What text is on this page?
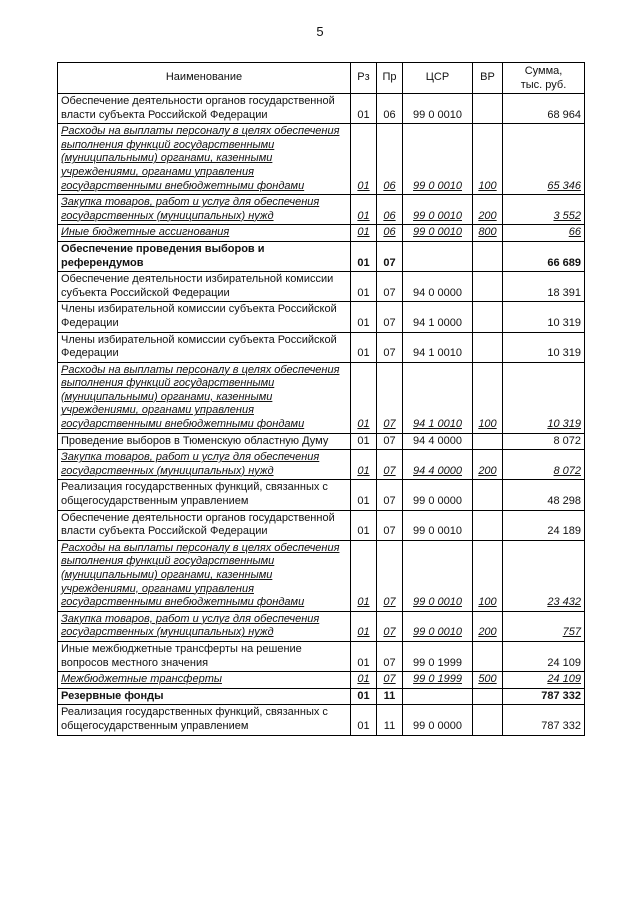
5
Наименование	Рз	Пр	ЦСР	ВР	Сумма,
тыс. руб.
Обеспечение деятельности органов государственной власти субъекта Российской Федерации	01	06	99 0 0010		68 964
Расходы на выплаты персоналу в целях обеспечения выполнения функций государственными (муниципальными) органами, казенными учреждениями, органами управления государственными внебюджетными фондами	01	06	99 0 0010	100	65 346
Закупка товаров, работ и услуг для обеспечения государственных (муниципальных) нужд	01	06	99 0 0010	200	3 552
Иные бюджетные ассигнования	01	06	99 0 0010	800	66
Обеспечение проведения выборов и референдумов	01	07			66 689
Обеспечение деятельности избирательной комиссии субъекта Российской Федерации	01	07	94 0 0000		18 391
Члены избирательной комиссии субъекта Российской Федерации	01	07	94 1 0000		10 319
Члены избирательной комиссии субъекта Российской Федерации	01	07	94 1 0010		10 319
Расходы на выплаты персоналу в целях обеспечения выполнения функций государственными (муниципальными) органами, казенными учреждениями, органами управления государственными внебюджетными фондами	01	07	94 1 0010	100	10 319
Проведение выборов в Тюменскую областную Думу	01	07	94 4 0000		8 072
Закупка товаров, работ и услуг для обеспечения государственных (муниципальных) нужд	01	07	94 4 0000	200	8 072
Реализация государственных функций, связанных с общегосударственным управлением	01	07	99 0 0000		48 298
Обеспечение деятельности органов государственной власти субъекта Российской Федерации	01	07	99 0 0010		24 189
Расходы на выплаты персоналу в целях обеспечения выполнения функций государственными (муниципальными) органами, казенными учреждениями, органами управления государственными внебюджетными фондами	01	07	99 0 0010	100	23 432
Закупка товаров, работ и услуг для обеспечения государственных (муниципальных) нужд	01	07	99 0 0010	200	757
Иные межбюджетные трансферты на решение вопросов местного значения	01	07	99 0 1999		24 109
Межбюджетные трансферты	01	07	99 0 1999	500	24 109
Резервные фонды	01	11			787 332
Реализация государственных функций, связанных с общегосударственным управлением	01	11	99 0 0000		787 332
